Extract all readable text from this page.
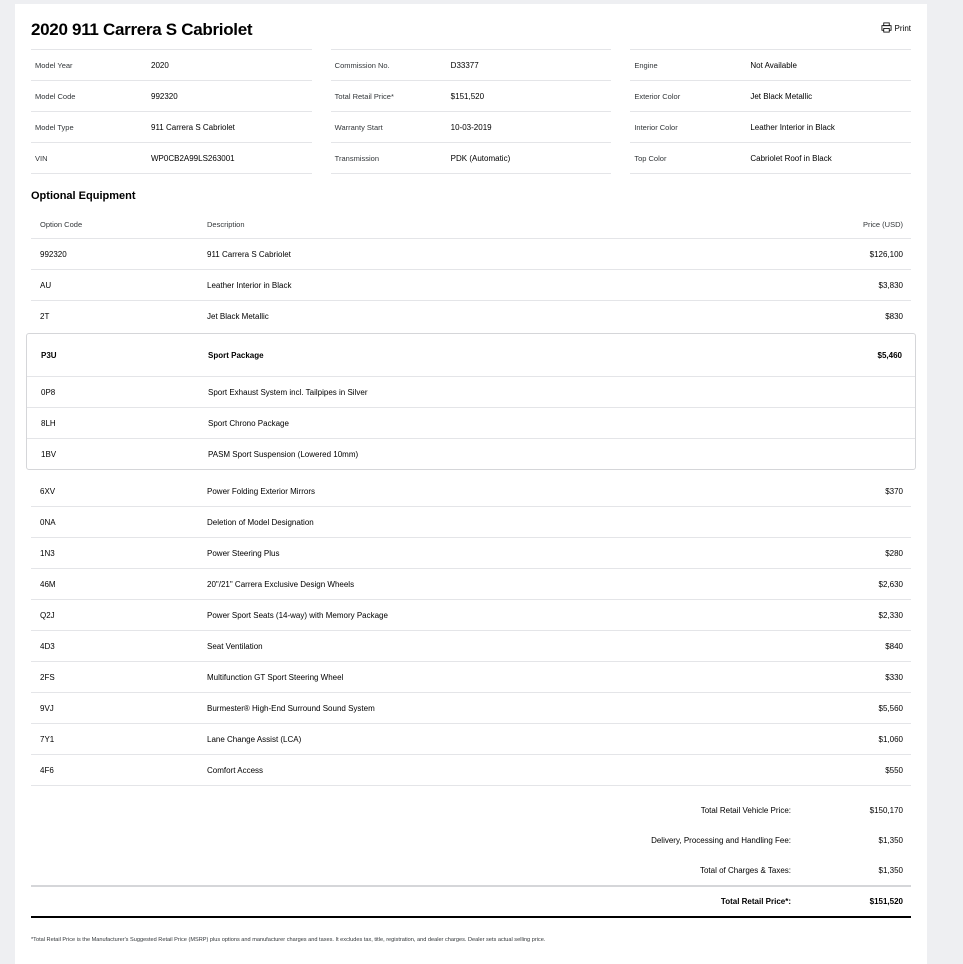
2020 911 Carrera S Cabriolet	Print
Model Year	2020
Model Code	992320
Model Type	911 Carrera S Cabriolet
VIN	WP0CB2A99LS263001
Commission No.	D33377
Total Retail Price*	$151,520
Warranty Start	10-03-2019
Transmission	PDK (Automatic)
Engine	Not Available
Exterior Color	Jet Black Metallic
Interior Color	Leather Interior in Black
Top Color	Cabriolet Roof in Black
Optional Equipment
Option Code	Description	Price (USD)
992320	911 Carrera S Cabriolet	$126,100
AU	Leather Interior in Black	$3,830
2T	Jet Black Metallic	$830
P3U	Sport Package	$5,460
0P8	Sport Exhaust System incl. Tailpipes in Silver
8LH	Sport Chrono Package
1BV	PASM Sport Suspension (Lowered 10mm)
6XV	Power Folding Exterior Mirrors	$370
0NA	Deletion of Model Designation
1N3	Power Steering Plus	$280
46M	20"/21" Carrera Exclusive Design Wheels	$2,630
Q2J	Power Sport Seats (14-way) with Memory Package	$2,330
4D3	Seat Ventilation	$840
2FS	Multifunction GT Sport Steering Wheel	$330
9VJ	Burmester® High-End Surround Sound System	$5,560
7Y1	Lane Change Assist (LCA)	$1,060
4F6	Comfort Access	$550
Total Retail Vehicle Price:	$150,170
Delivery, Processing and Handling Fee:	$1,350
Total of Charges & Taxes:	$1,350
Total Retail Price*:	$151,520
*Total Retail Price is the Manufacturer's Suggested Retail Price (MSRP) plus options and manufacturer charges and taxes. It excludes tax, title, registration, and dealer charges. Dealer sets actual selling price.
